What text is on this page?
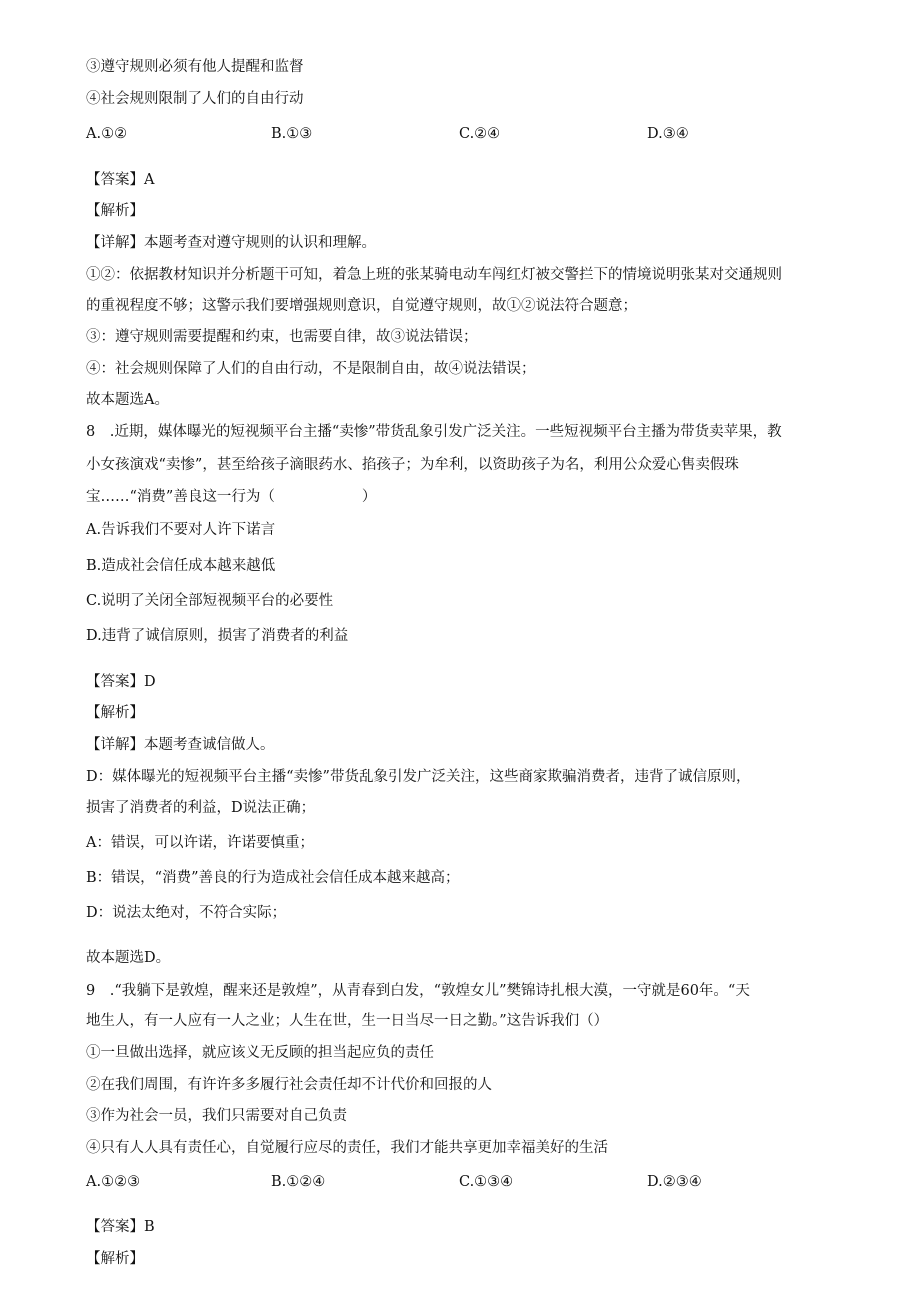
③遵守规则必须有他人提醒和监督
④社会规则限制了人们的自由行动
A.①②	B.①③	C.②④	D.③④
【答案】A
【解析】
【详解】本题考查对遵守规则的认识和理解。
①②：依据教材知识并分析题干可知，着急上班的张某骑电动车闯红灯被交警拦下的情境说明张某对交通规则
的重视程度不够；这警示我们要增强规则意识，自觉遵守规则，故①②说法符合题意；
③：遵守规则需要提醒和约束，也需要自律，故③说法错误；
④：社会规则保障了人们的自由行动，不是限制自由，故④说法错误；
故本题选A。
8　.近期，媒体曝光的短视频平台主播“卖惨”带货乱象引发广泛关注。一些短视频平台主播为带货卖苹果，教
小女孩演戏“卖惨”，甚至给孩子滴眼药水、掐孩子；为牟利，以资助孩子为名，利用公众爱心售卖假珠
宝……“消费”善良这一行为（　　　　　　）
A.告诉我们不要对人许下诺言
B.造成社会信任成本越来越低
C.说明了关闭全部短视频平台的必要性
D.违背了诚信原则，损害了消费者的利益
【答案】D
【解析】
【详解】本题考查诚信做人。
D：媒体曝光的短视频平台主播“卖惨”带货乱象引发广泛关注，这些商家欺骗消费者，违背了诚信原则，
损害了消费者的利益，D说法正确；
A：错误，可以许诺，许诺要慎重；
B：错误，“消费”善良的行为造成社会信任成本越来越高；
D：说法太绝对，不符合实际；
故本题选D。
9　.“我躺下是敦煌，醒来还是敦煌”，从青春到白发，“敦煌女儿”樊锦诗扎根大漠，一守就是60年。“天
地生人，有一人应有一人之业；人生在世，生一日当尽一日之勤。”这告诉我们（）
①一旦做出选择，就应该义无反顾的担当起应负的责任
②在我们周围，有许许多多履行社会责任却不计代价和回报的人
③作为社会一员，我们只需要对自己负责
④只有人人具有责任心，自觉履行应尽的责任，我们才能共享更加幸福美好的生活
A.①②③	B.①②④	C.①③④	D.②③④
【答案】B
【解析】
